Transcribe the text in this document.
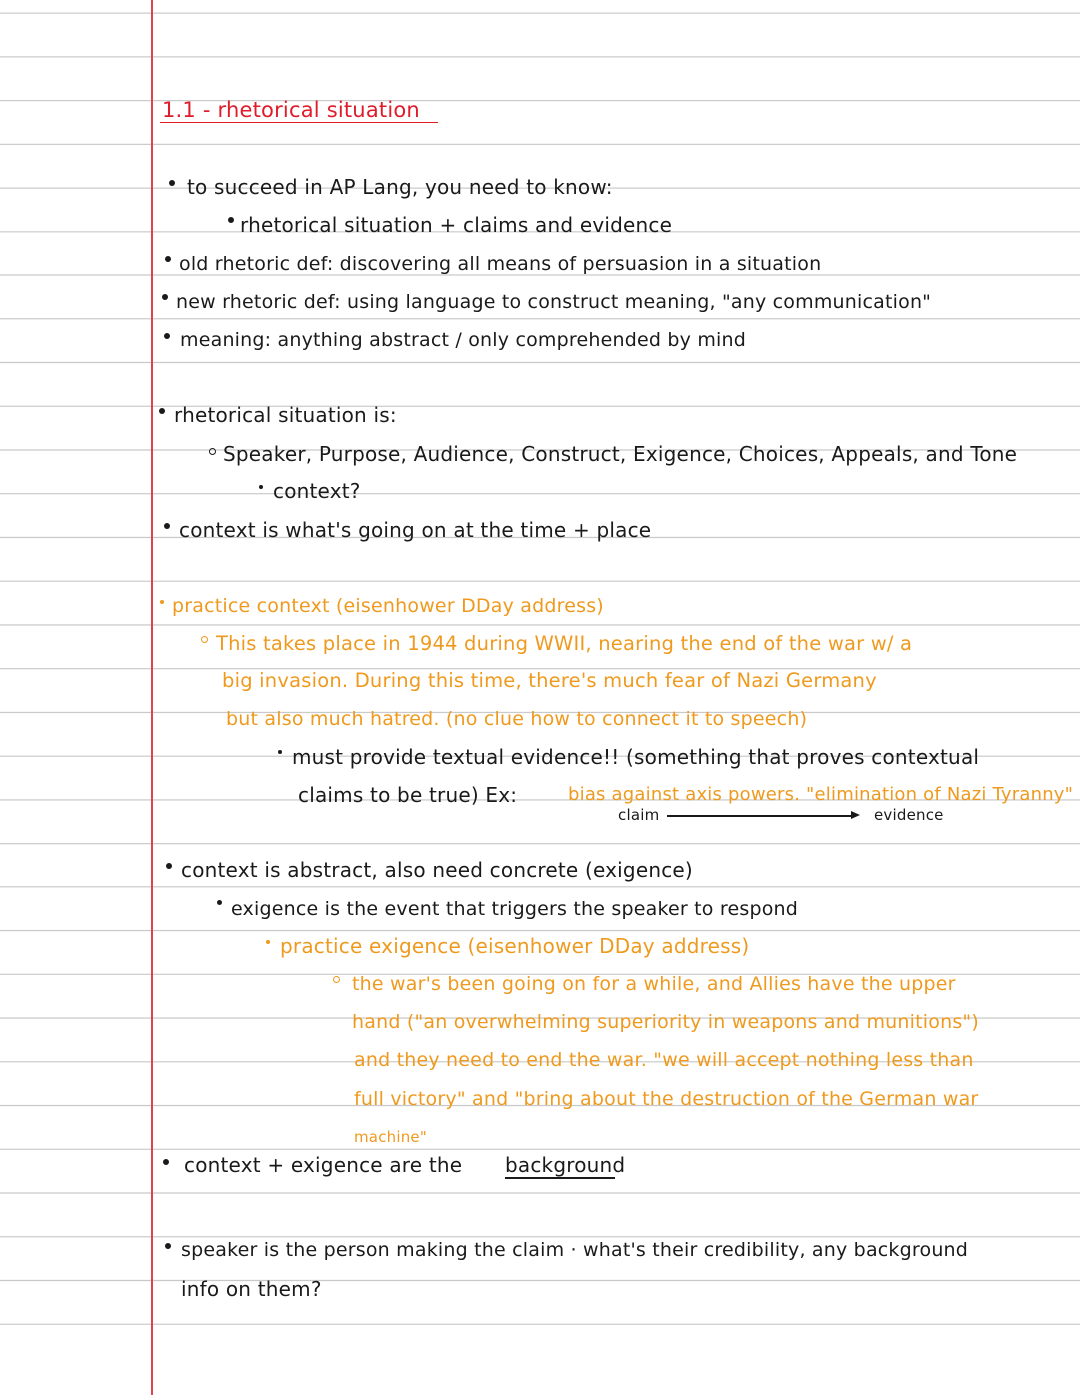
1.1 - rhetorical situation
to succeed in AP Lang, you need to know:
rhetorical situation + claims and evidence
old rhetoric def: discovering all means of persuasion in a situation
new rhetoric def: using language to construct meaning, "any communication"
meaning: anything abstract / only comprehended by mind
rhetorical situation is:
Speaker, Purpose, Audience, Construct, Exigence, Choices, Appeals, and Tone
context?
context is what's going on at the time + place
practice context (eisenhower DDay address)
This takes place in 1944 during WWII, nearing the end of the war w/ a
big invasion. During this time, there's much fear of Nazi Germany
but also much hatred. (no clue how to connect it to speech)
must provide textual evidence!! (something that proves contextual
claims to be true) Ex:	bias against axis powers. "elimination of Nazi Tyranny"
claim	evidence
context is abstract, also need concrete (exigence)
exigence is the event that triggers the speaker to respond
practice exigence (eisenhower DDay address)
the war's been going on for a while, and Allies have the upper
hand ("an overwhelming superiority in weapons and munitions")
and they need to end the war. "we will accept nothing less than
full victory" and "bring about the destruction of the German war
machine"
context + exigence are the background
speaker is the person making the claim · what's their credibility, any background
info on them?
